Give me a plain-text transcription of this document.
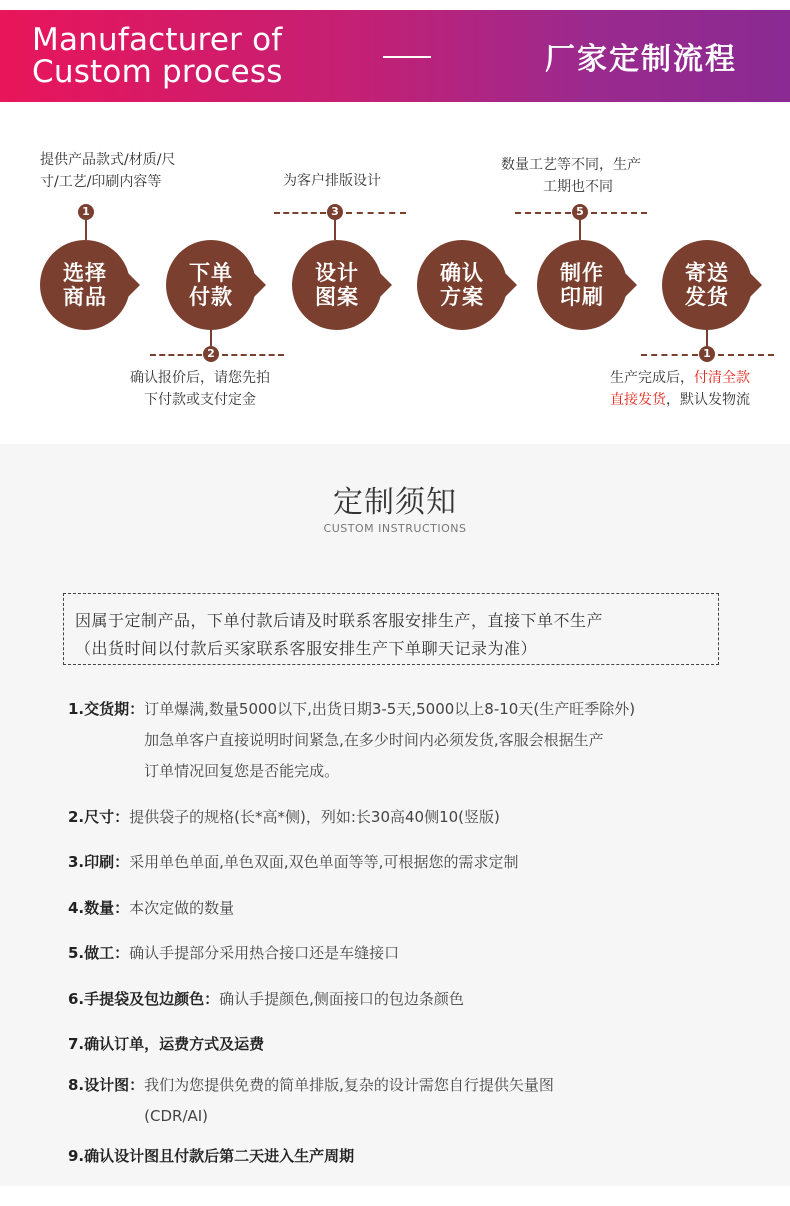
Manufacturer of
Custom process	厂家定制流程
提供产品款式/材质/尺
寸/工艺/印刷内容等
1
为客户排版设计
3
数量工艺等不同，生产
工期也不同
5
选择
商品
下单
付款
设计
图案
确认
方案
制作
印刷
寄送
发货
2
确认报价后，请您先拍
下付款或支付定金
1
生产完成后，付清全款
直接发货，默认发物流
定制须知
CUSTOM INSTRUCTIONS
因属于定制产品，下单付款后请及时联系客服安排生产，直接下单不生产
（出货时间以付款后买家联系客服安排生产下单聊天记录为准）
1.交货期： 订单爆满,数量5000以下,出货日期3-5天,5000以上8-10天(生产旺季除外)
加急单客户直接说明时间紧急,在多少时间内必须发货,客服会根据生产
订单情况回复您是否能完成。
2.尺寸：提供袋子的规格(长*高*侧)，列如:长30高40侧10(竖版)
3.印刷：采用单色单面,单色双面,双色单面等等,可根据您的需求定制
4.数量：本次定做的数量
5.做工：确认手提部分采用热合接口还是车缝接口
6.手提袋及包边颜色：确认手提颜色,侧面接口的包边条颜色
7.确认订单，运费方式及运费
8.设计图： 我们为您提供免费的简单排版,复杂的设计需您自行提供矢量图
(CDR/AI)
9.确认设计图且付款后第二天进入生产周期
